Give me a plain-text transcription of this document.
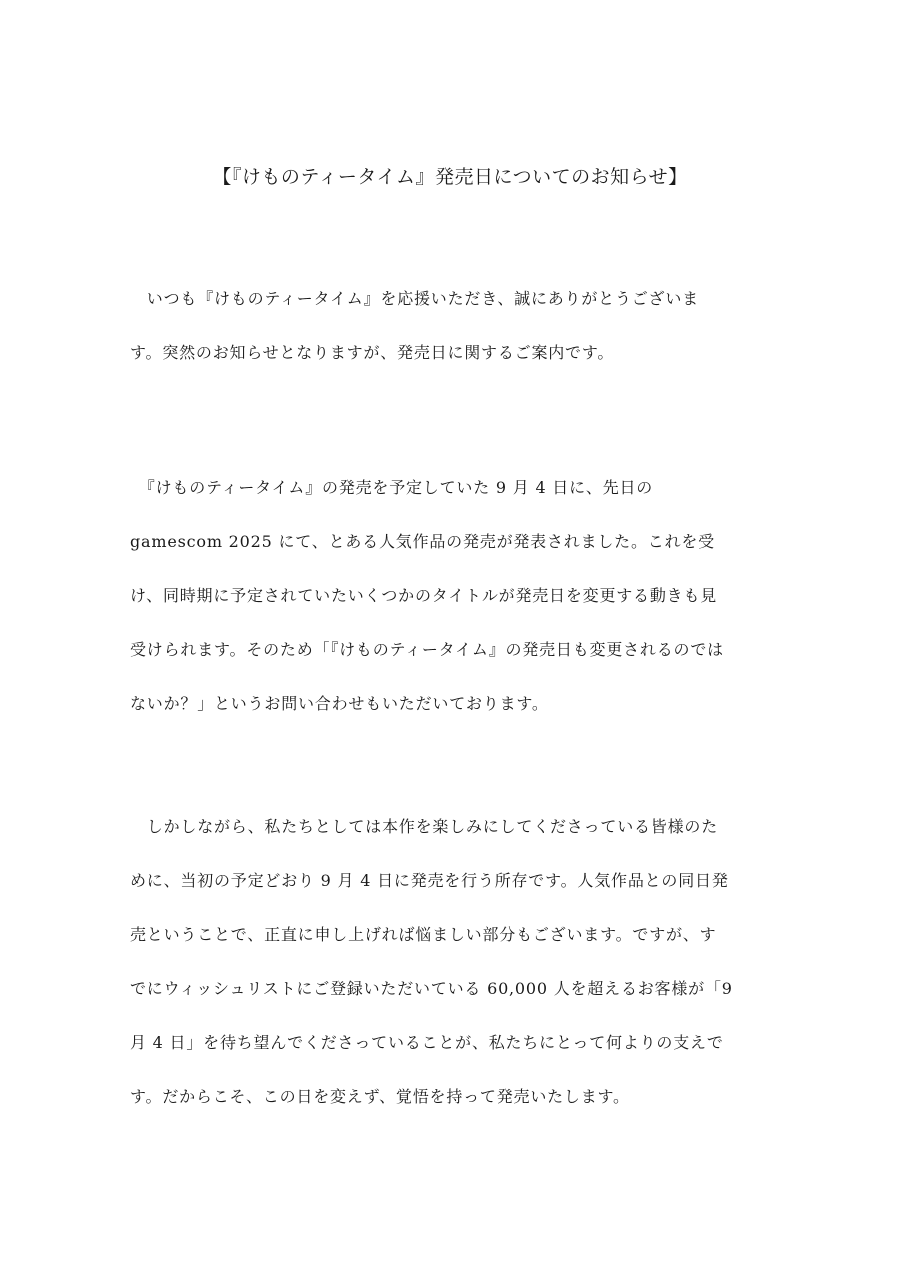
【『けものティータイム』発売日についてのお知らせ】
　いつも『けものティータイム』を応援いただき、誠にありがとうございま
す。突然のお知らせとなりますが、発売日に関するご案内です。
　『けものティータイム』の発売を予定していた 9 月 4 日に、先日の
gamescom 2025 にて、とある人気作品の発売が発表されました。これを受
け、同時期に予定されていたいくつかのタイトルが発売日を変更する動きも見
受けられます。そのため「『けものティータイム』の発売日も変更されるのでは
ないか？」というお問い合わせもいただいております。
　しかしながら、私たちとしては本作を楽しみにしてくださっている皆様のた
めに、当初の予定どおり 9 月 4 日に発売を行う所存です。人気作品との同日発
売ということで、正直に申し上げれば悩ましい部分もございます。ですが、す
でにウィッシュリストにご登録いただいている 60,000 人を超えるお客様が「9
月 4 日」を待ち望んでくださっていることが、私たちにとって何よりの支えで
す。だからこそ、この日を変えず、覚悟を持って発売いたします。
